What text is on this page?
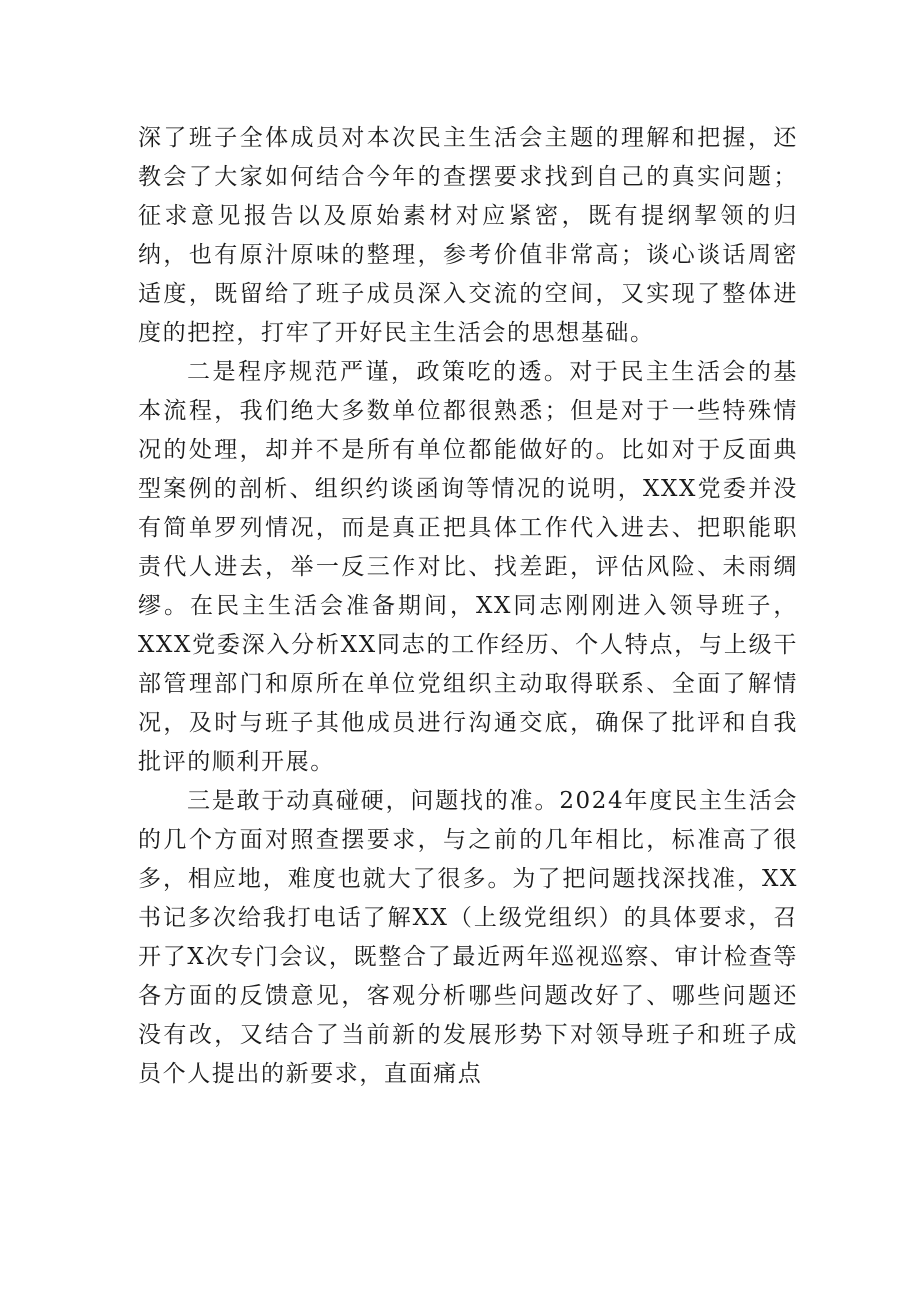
深了班子全体成员对本次民主生活会主题的理解和把握，还教会了大家如何结合今年的查摆要求找到自己的真实问题；征求意见报告以及原始素材对应紧密，既有提纲挈领的归纳，也有原汁原味的整理，参考价值非常高；谈心谈话周密适度，既留给了班子成员深入交流的空间，又实现了整体进度的把控，打牢了开好民主生活会的思想基础。

二是程序规范严谨，政策吃的透。对于民主生活会的基本流程，我们绝大多数单位都很熟悉；但是对于一些特殊情况的处理，却并不是所有单位都能做好的。比如对于反面典型案例的剖析、组织约谈函询等情况的说明，XXX党委并没有简单罗列情况，而是真正把具体工作代入进去、把职能职责代人进去，举一反三作对比、找差距，评估风险、未雨绸缪。在民主生活会准备期间，XX同志刚刚进入领导班子，XXX党委深入分析XX同志的工作经历、个人特点，与上级干部管理部门和原所在单位党组织主动取得联系、全面了解情况，及时与班子其他成员进行沟通交底，确保了批评和自我批评的顺利开展。

三是敢于动真碰硬，问题找的准。2024年度民主生活会的几个方面对照查摆要求，与之前的几年相比，标准高了很多，相应地，难度也就大了很多。为了把问题找深找准，XX书记多次给我打电话了解XX（上级党组织）的具体要求，召开了X次专门会议，既整合了最近两年巡视巡察、审计检查等各方面的反馈意见，客观分析哪些问题改好了、哪些问题还没有改，又结合了当前新的发展形势下对领导班子和班子成员个人提出的新要求，直面痛点
